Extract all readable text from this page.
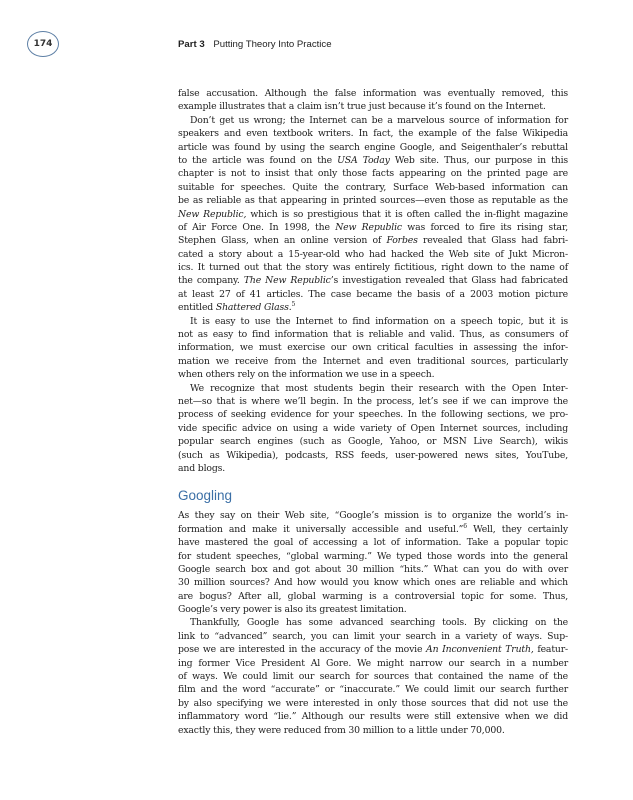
174	Part 3 Putting Theory Into Practice
false accusation. Although the false information was eventually removed, this
example illustrates that a claim isn’t true just because it’s found on the Internet.
Don’t get us wrong; the Internet can be a marvelous source of information for
speakers and even textbook writers. In fact, the example of the false Wikipedia
article was found by using the search engine Google, and Seigenthaler’s rebuttal
to the article was found on the USA Today Web site. Thus, our purpose in this
chapter is not to insist that only those facts appearing on the printed page are
suitable for speeches. Quite the contrary, Surface Web-based information can
be as reliable as that appearing in printed sources—even those as reputable as the
New Republic, which is so prestigious that it is often called the in-flight magazine
of Air Force One. In 1998, the New Republic was forced to fire its rising star,
Stephen Glass, when an online version of Forbes revealed that Glass had fabri-
cated a story about a 15-year-old who had hacked the Web site of Jukt Micron-
ics. It turned out that the story was entirely fictitious, right down to the name of
the company. The New Republic’s investigation revealed that Glass had fabricated
at least 27 of 41 articles. The case became the basis of a 2003 motion picture
entitled Shattered Glass.$^5$
It is easy to use the Internet to find information on a speech topic, but it is
not as easy to find information that is reliable and valid. Thus, as consumers of
information, we must exercise our own critical faculties in assessing the infor-
mation we receive from the Internet and even traditional sources, particularly
when others rely on the information we use in a speech.
We recognize that most students begin their research with the Open Inter-
net—so that is where we’ll begin. In the process, let’s see if we can improve the
process of seeking evidence for your speeches. In the following sections, we pro-
vide specific advice on using a wide variety of Open Internet sources, including
popular search engines (such as Google, Yahoo, or MSN Live Search), wikis
(such as Wikipedia), podcasts, RSS feeds, user-powered news sites, YouTube,
and blogs.
Googling
As they say on their Web site, “Google’s mission is to organize the world’s in-
formation and make it universally accessible and useful.”$^6$ Well, they certainly
have mastered the goal of accessing a lot of information. Take a popular topic
for student speeches, “global warming.” We typed those words into the general
Google search box and got about 30 million “hits.” What can you do with over
30 million sources? And how would you know which ones are reliable and which
are bogus? After all, global warming is a controversial topic for some. Thus,
Google’s very power is also its greatest limitation.
Thankfully, Google has some advanced searching tools. By clicking on the
link to “advanced” search, you can limit your search in a variety of ways. Sup-
pose we are interested in the accuracy of the movie An Inconvenient Truth, featur-
ing former Vice President Al Gore. We might narrow our search in a number
of ways. We could limit our search for sources that contained the name of the
film and the word “accurate” or “inaccurate.” We could limit our search further
by also specifying we were interested in only those sources that did not use the
inflammatory word “lie.” Although our results were still extensive when we did
exactly this, they were reduced from 30 million to a little under 70,000.
